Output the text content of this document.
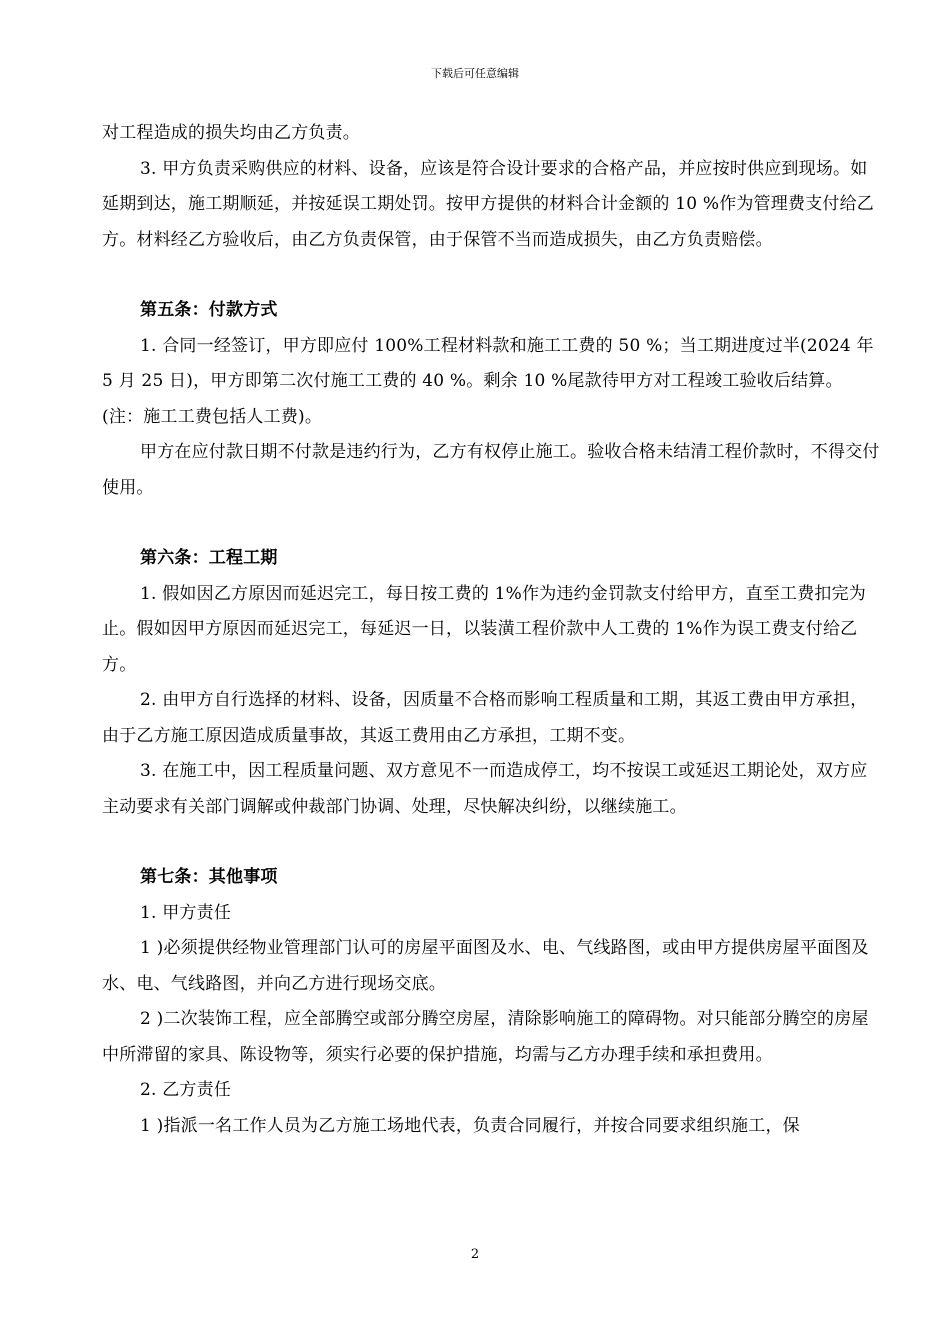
下载后可任意编辑

对工程造成的损失均由乙方负责。

3. 甲方负责采购供应的材料、设备，应该是符合设计要求的合格产品，并应按时供应到现场。如延期到达，施工期顺延，并按延误工期处罚。按甲方提供的材料合计金额的 10 %作为管理费支付给乙方。材料经乙方验收后，由乙方负责保管，由于保管不当而造成损失，由乙方负责赔偿。

第五条：付款方式

1. 合同一经签订，甲方即应付 100%工程材料款和施工工费的 50 %；当工期进度过半(2024 年 5 月 25 日)，甲方即第二次付施工工费的 40 %。剩余 10 %尾款待甲方对工程竣工验收后结算。(注：施工工费包括人工费)。

甲方在应付款日期不付款是违约行为，乙方有权停止施工。验收合格未结清工程价款时，不得交付使用。

第六条：工程工期

1. 假如因乙方原因而延迟完工，每日按工费的 1%作为违约金罚款支付给甲方，直至工费扣完为止。假如因甲方原因而延迟完工，每延迟一日，以装潢工程价款中人工费的 1%作为误工费支付给乙方。

2. 由甲方自行选择的材料、设备，因质量不合格而影响工程质量和工期，其返工费由甲方承担，由于乙方施工原因造成质量事故，其返工费用由乙方承担，工期不变。

3. 在施工中，因工程质量问题、双方意见不一而造成停工，均不按误工或延迟工期论处，双方应主动要求有关部门调解或仲裁部门协调、处理，尽快解决纠纷，以继续施工。

第七条：其他事项

1. 甲方责任

1 )必须提供经物业管理部门认可的房屋平面图及水、电、气线路图，或由甲方提供房屋平面图及水、电、气线路图，并向乙方进行现场交底。

2 )二次装饰工程，应全部腾空或部分腾空房屋，清除影响施工的障碍物。对只能部分腾空的房屋中所滞留的家具、陈设物等，须实行必要的保护措施，均需与乙方办理手续和承担费用。

2. 乙方责任

1 )指派一名工作人员为乙方施工场地代表，负责合同履行，并按合同要求组织施工，保

2
